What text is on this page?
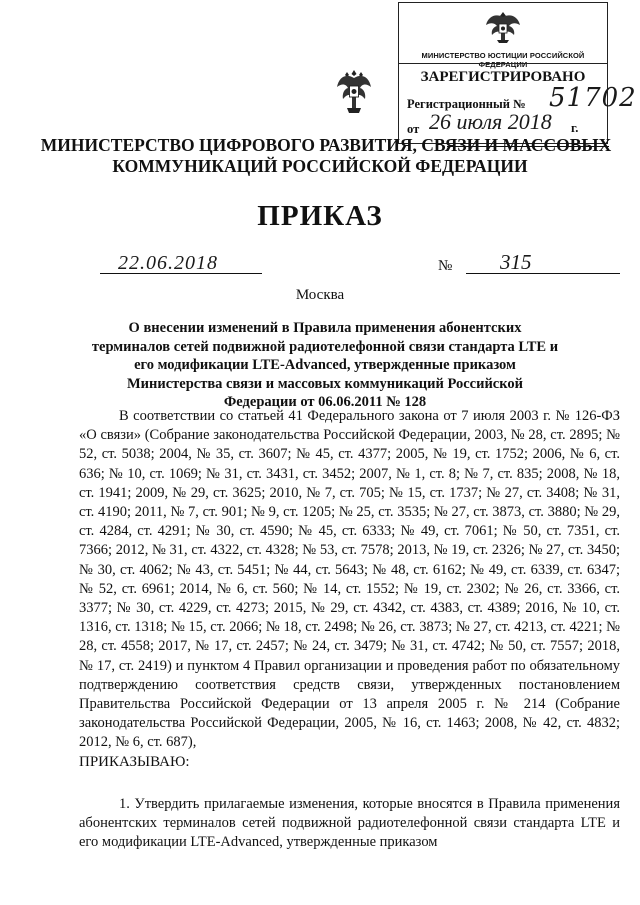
МИНИСТЕРСТВО ЮСТИЦИИ РОССИЙСКОЙ ФЕДЕРАЦИИ
ЗАРЕГИСТРИРОВАНО
Регистрационный № 51702
от 26 июля 2018 г.
МИНИСТЕРСТВО ЦИФРОВОГО РАЗВИТИЯ, СВЯЗИ И МАССОВЫХ
КОММУНИКАЦИЙ РОССИЙСКОЙ ФЕДЕРАЦИИ
ПРИКАЗ
22.06.2018	№ 315
Москва
О внесении изменений в Правила применения абонентских терминалов сетей подвижной радиотелефонной связи стандарта LTE и его модификации LTE-Advanced, утвержденные приказом Министерства связи и массовых коммуникаций Российской Федерации от 06.06.2011 № 128

В соответствии со статьей 41 Федерального закона от 7 июля 2003 г. № 126-ФЗ «О связи» (Собрание законодательства Российской Федерации, 2003, № 28, ст. 2895; № 52, ст. 5038; 2004, № 35, ст. 3607; № 45, ст. 4377; 2005, № 19, ст. 1752; 2006, № 6, ст. 636; № 10, ст. 1069; № 31, ст. 3431, ст. 3452; 2007, № 1, ст. 8; № 7, ст. 835; 2008, № 18, ст. 1941; 2009, № 29, ст. 3625; 2010, № 7, ст. 705; № 15, ст. 1737; № 27, ст. 3408; № 31, ст. 4190; 2011, № 7, ст. 901; № 9, ст. 1205; № 25, ст. 3535; № 27, ст. 3873, ст. 3880; № 29, ст. 4284, ст. 4291; № 30, ст. 4590; № 45, ст. 6333; № 49, ст. 7061; № 50, ст. 7351, ст. 7366; 2012, № 31, ст. 4322, ст. 4328; № 53, ст. 7578; 2013, № 19, ст. 2326; № 27, ст. 3450; № 30, ст. 4062; № 43, ст. 5451; № 44, ст. 5643; № 48, ст. 6162; № 49, ст. 6339, ст. 6347; № 52, ст. 6961; 2014, № 6, ст. 560; № 14, ст. 1552; № 19, ст. 2302; № 26, ст. 3366, ст. 3377; № 30, ст. 4229, ст. 4273; 2015, № 29, ст. 4342, ст. 4383, ст. 4389; 2016, № 10, ст. 1316, ст. 1318; № 15, ст. 2066; № 18, ст. 2498; № 26, ст. 3873; № 27, ст. 4213, ст. 4221; № 28, ст. 4558; 2017, № 17, ст. 2457; № 24, ст. 3479; № 31, ст. 4742; № 50, ст. 7557; 2018, № 17, ст. 2419) и пунктом 4 Правил организации и проведения работ по обязательному подтверждению соответствия средств связи, утвержденных постановлением Правительства Российской Федерации от 13 апреля 2005 г. № 214 (Собрание законодательства Российской Федерации, 2005, № 16, ст. 1463; 2008, № 42, ст. 4832; 2012, № 6, ст. 687),

ПРИКАЗЫВАЮ:

1. Утвердить прилагаемые изменения, которые вносятся в Правила применения абонентских терминалов сетей подвижной радиотелефонной связи стандарта LTE и его модификации LTE-Advanced, утвержденные приказом
